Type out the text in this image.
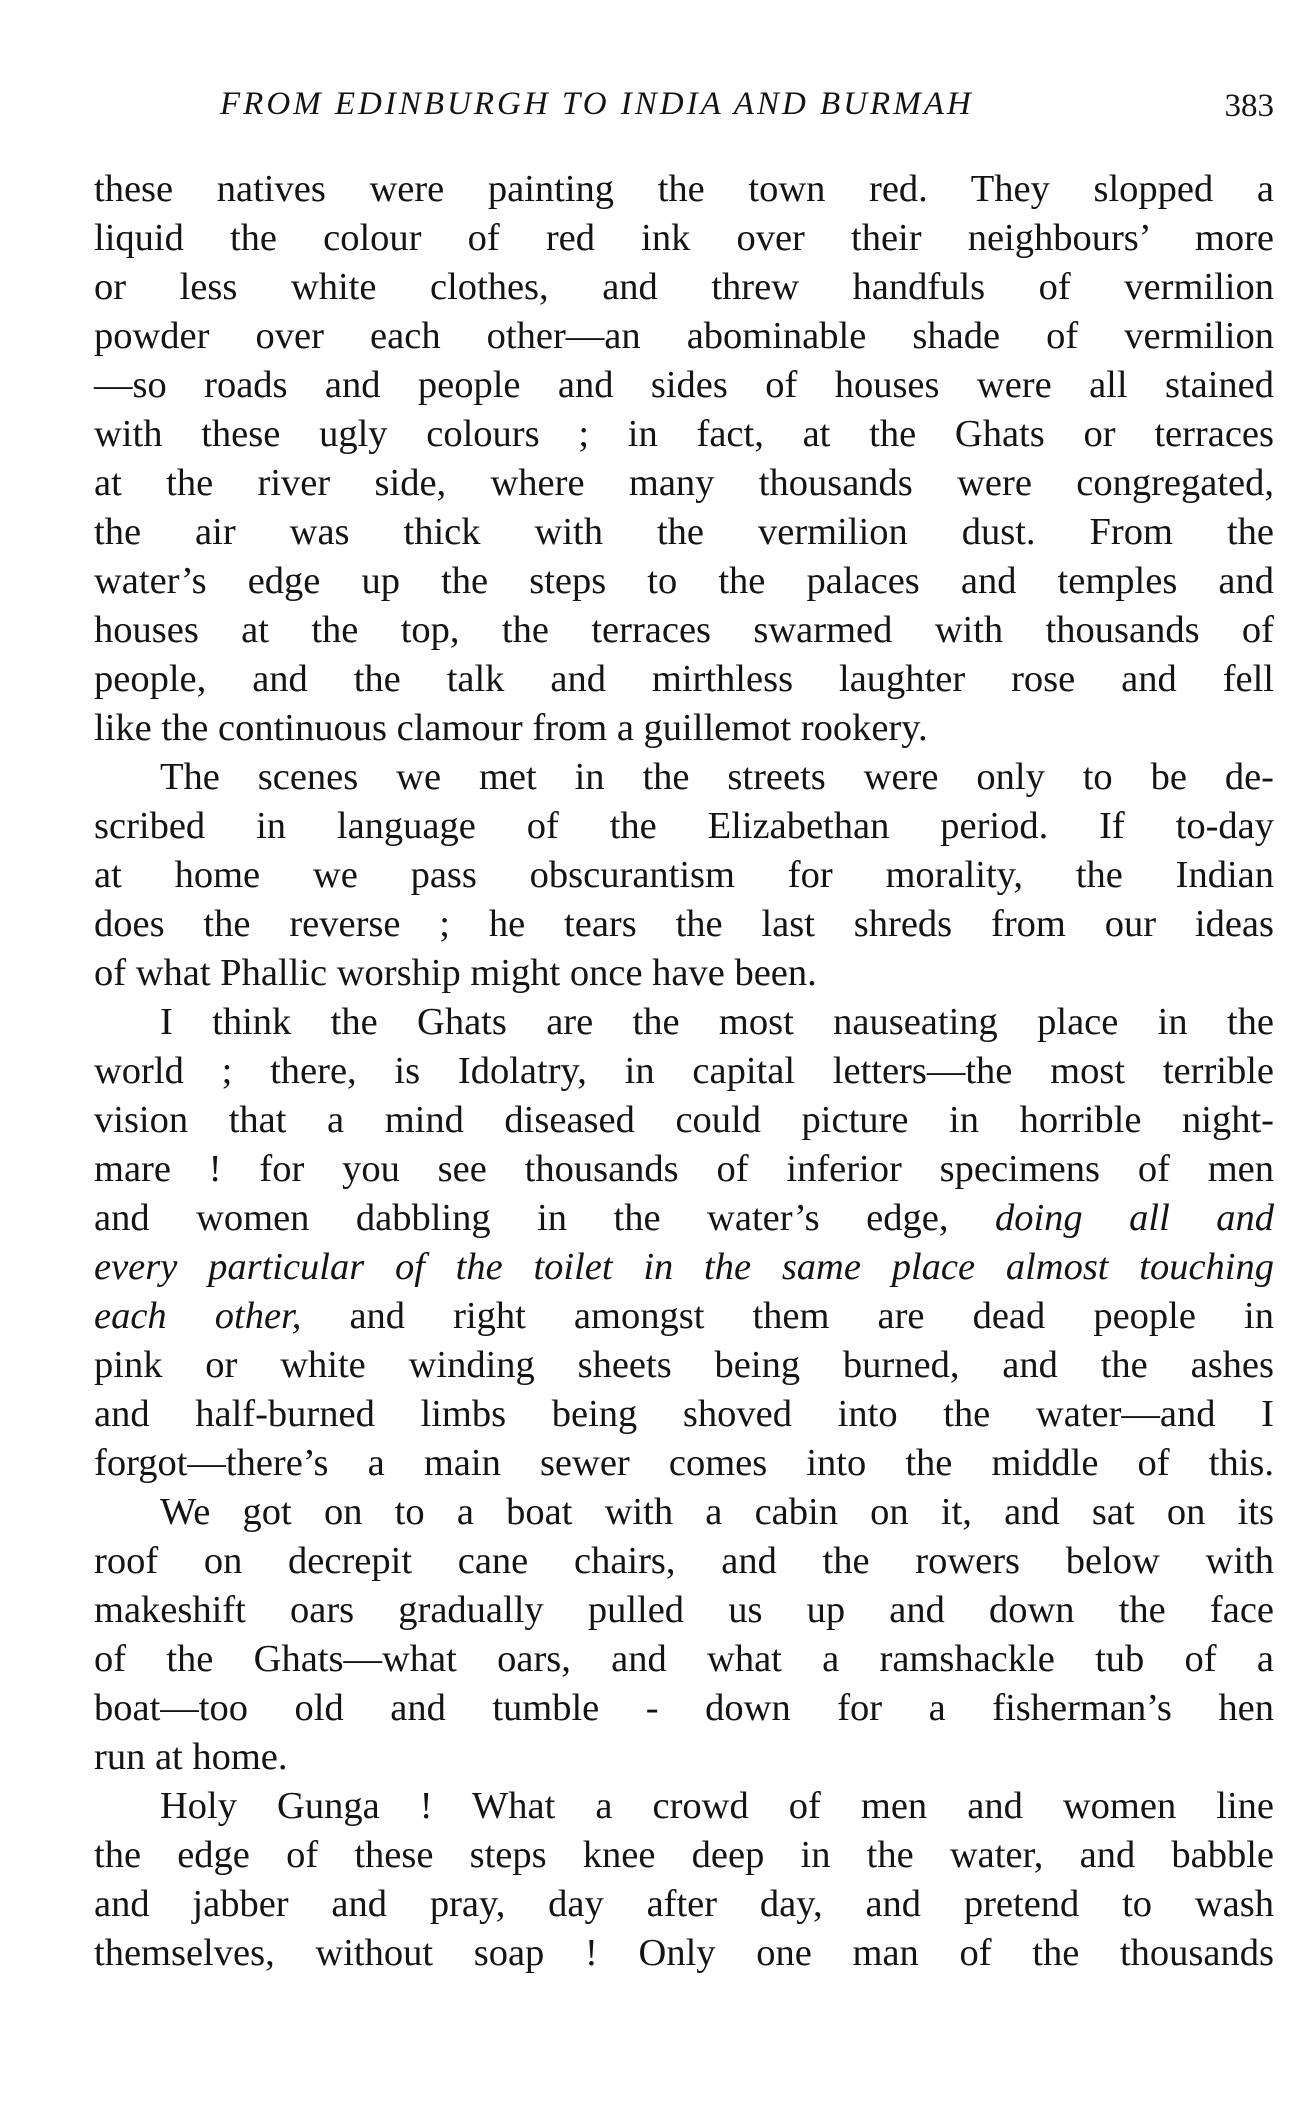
FROM EDINBURGH TO INDIA AND BURMAH	383
these natives were painting the town red. They slopped a
liquid the colour of red ink over their neighbours’ more
or less white clothes, and threw handfuls of vermilion
powder over each other—an abominable shade of vermilion
—so roads and people and sides of houses were all stained
with these ugly colours ; in fact, at the Ghats or terraces
at the river side, where many thousands were congregated,
the air was thick with the vermilion dust. From the
water’s edge up the steps to the palaces and temples and
houses at the top, the terraces swarmed with thousands of
people, and the talk and mirthless laughter rose and fell
like the continuous clamour from a guillemot rookery.
The scenes we met in the streets were only to be de-
scribed in language of the Elizabethan period. If to-day
at home we pass obscurantism for morality, the Indian
does the reverse ; he tears the last shreds from our ideas
of what Phallic worship might once have been.
I think the Ghats are the most nauseating place in the
world ; there, is Idolatry, in capital letters—the most terrible
vision that a mind diseased could picture in horrible night-
mare ! for you see thousands of inferior specimens of men
and women dabbling in the water’s edge, doing all and
every particular of the toilet in the same place almost touching
each other, and right amongst them are dead people in
pink or white winding sheets being burned, and the ashes
and half-burned limbs being shoved into the water—and I
forgot—there’s a main sewer comes into the middle of this.
We got on to a boat with a cabin on it, and sat on its
roof on decrepit cane chairs, and the rowers below with
makeshift oars gradually pulled us up and down the face
of the Ghats—what oars, and what a ramshackle tub of a
boat—too old and tumble - down for a fisherman’s hen
run at home.
Holy Gunga ! What a crowd of men and women line
the edge of these steps knee deep in the water, and babble
and jabber and pray, day after day, and pretend to wash
themselves, without soap ! Only one man of the thousands
